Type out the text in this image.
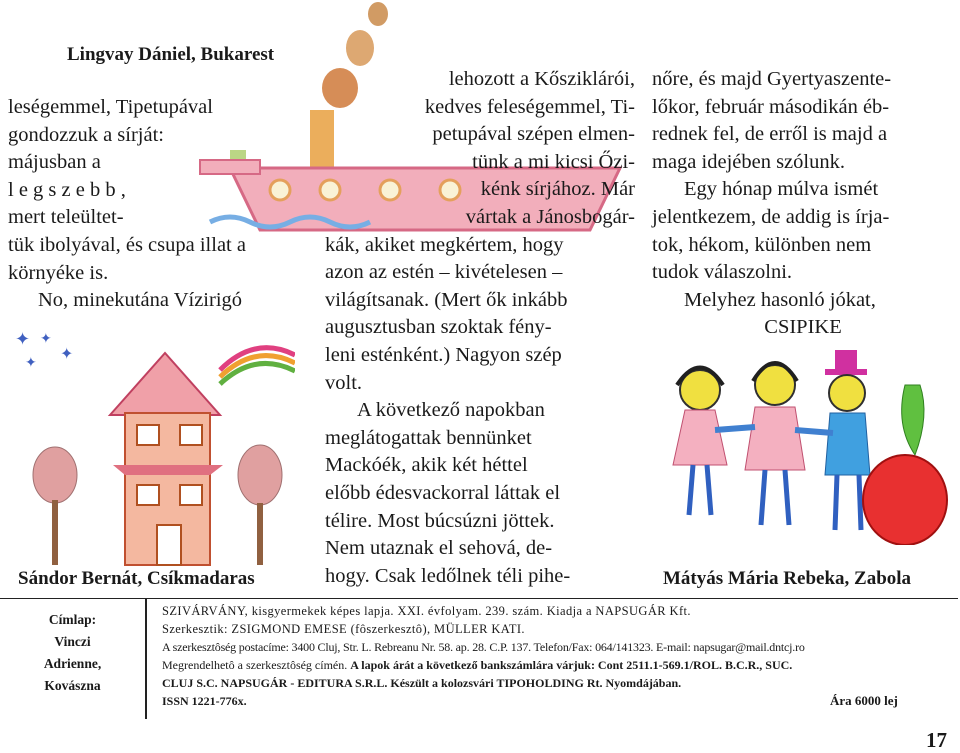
✦ ✦
✦
✦
Lingvay Dániel, Bukarest
leségemmel, Tipetupával
gondozzuk a sírját:
májusban a
l e g s z e b b ,
mert teleültet-
tük ibolyával, és csupa illat a
környéke is.
No, minekutána Vízirigó
Sándor Bernát, Csíkmadaras
lehozott a Kősziklárói,
kedves feleségemmel, Ti-
petupával szépen elmen-
tünk a mi kicsi Őzi-
kénk sírjához. Már
vártak a Jánosbogár-
kák, akiket megkértem, hogy
azon az estén – kivételesen –
világítsanak. (Mert ők inkább
augusztusban szoktak fény-
leni esténként.) Nagyon szép
volt.
A következő napokban
meglátogattak bennünket
Mackóék, akik két héttel
előbb édesvackorral láttak el
télire. Most búcsúzni jöttek.
Nem utaznak el sehová, de-
hogy. Csak ledőlnek téli pihe-
nőre, és majd Gyertyaszente-
lőkor, február másodikán éb-
rednek fel, de erről is majd a
maga idejében szólunk.
Egy hónap múlva ismét
jelentkezem, de addig is írja-
tok, hékom, különben nem
tudok válaszolni.
Melyhez hasonló jókat,
CSIPIKE
Mátyás Mária Rebeka, Zabola
Címlap:
Vinczi
Adrienne,
Kovászna
SZIVÁRVÁNY, kisgyermekek képes lapja. XXI. évfolyam. 239. szám. Kiadja a NAPSUGÁR Kft.
Szerkesztik: ZSIGMOND EMESE (fôszerkesztô), MÜLLER KATI.
A szerkesztôség postacíme: 3400 Cluj, Str. L. Rebreanu Nr. 58. ap. 28. C.P. 137. Telefon/Fax: 064/141323. E-mail: napsugar@mail.dntcj.ro
Megrendelhetô a szerkesztôség címén. A lapok árát a következő bankszámlára várjuk: Cont 2511.1-569.1/ROL. B.C.R., SUC.
CLUJ S.C. NAPSUGÁR - EDITURA S.R.L. Készült a kolozsvári TIPOHOLDING Rt. Nyomdájában.
ISSN 1221-776x.	Ára 6000 lej
17
